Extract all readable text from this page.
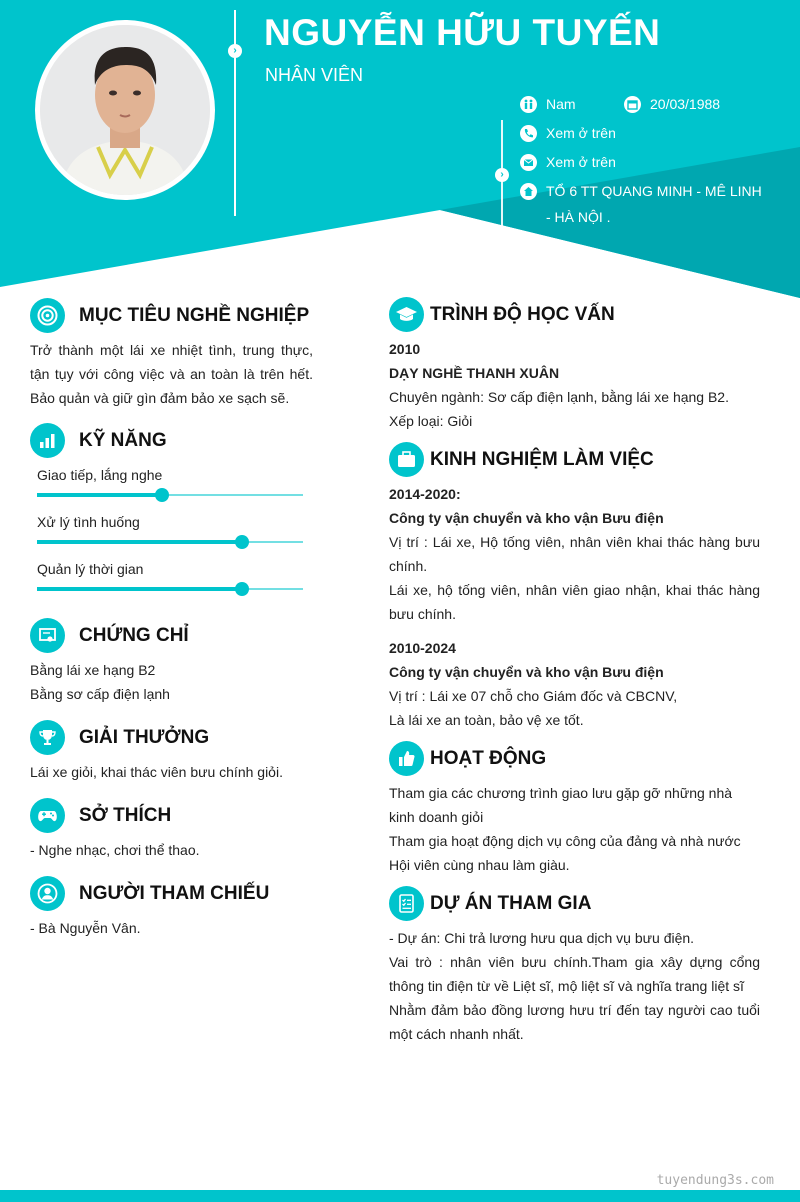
› NGUYỄN HỮU TUYẾN
NHÂN VIÊN
›
Nam	20/03/1988
Xem ở trên
Xem ở trên
TỔ 6 TT QUANG MINH - MÊ LINH - HÀ NỘI .
MỤC TIÊU NGHỀ NGHIỆP
Trở thành một lái xe nhiệt tình, trung thực, tận tụy với công việc và an toàn là trên hết. Bảo quản và giữ gìn đảm bảo xe sạch sẽ.
KỸ NĂNG
Giao tiếp, lắng nghe
Xử lý tình huống
Quản lý thời gian
CHỨNG CHỈ
Bằng lái xe hạng B2
Bằng sơ cấp điện lạnh
GIẢI THƯỞNG
Lái xe giỏi, khai thác viên bưu chính giỏi.
SỞ THÍCH
- Nghe nhạc, chơi thể thao.
NGƯỜI THAM CHIẾU
- Bà Nguyễn Vân.
TRÌNH ĐỘ HỌC VẤN
2010
DẠY NGHỀ THANH XUÂN
Chuyên ngành: Sơ cấp điện lạnh, bằng lái xe hạng B2.
Xếp loại: Giỏi
KINH NGHIỆM LÀM VIỆC
2014-2020:
Công ty vận chuyển và kho vận Bưu điện
Vị trí : Lái xe, Hộ tống viên, nhân viên khai thác hàng bưu chính.
Lái xe, hộ tống viên, nhân viên giao nhận, khai thác hàng bưu chính.
2010-2024
Công ty vận chuyển và kho vận Bưu điện
Vị trí : Lái xe 07 chỗ cho Giám đốc và CBCNV,
Là lái xe an toàn, bảo vệ xe tốt.
HOẠT ĐỘNG
Tham gia các chương trình giao lưu gặp gỡ những nhà kinh doanh giỏi
Tham gia hoạt động dịch vụ công của đảng và nhà nước
Hội viên cùng nhau làm giàu.
DỰ ÁN THAM GIA
- Dự án: Chi trả lương hưu qua dịch vụ bưu điện.
Vai trò : nhân viên bưu chính.Tham gia xây dựng cổng thông tin điện từ về Liệt sĩ, mộ liệt sĩ và nghĩa trang liệt sĩ
Nhằm đảm bảo đồng lương hưu trí đến tay người cao tuổi một cách nhanh nhất.
tuyendung3s.com
